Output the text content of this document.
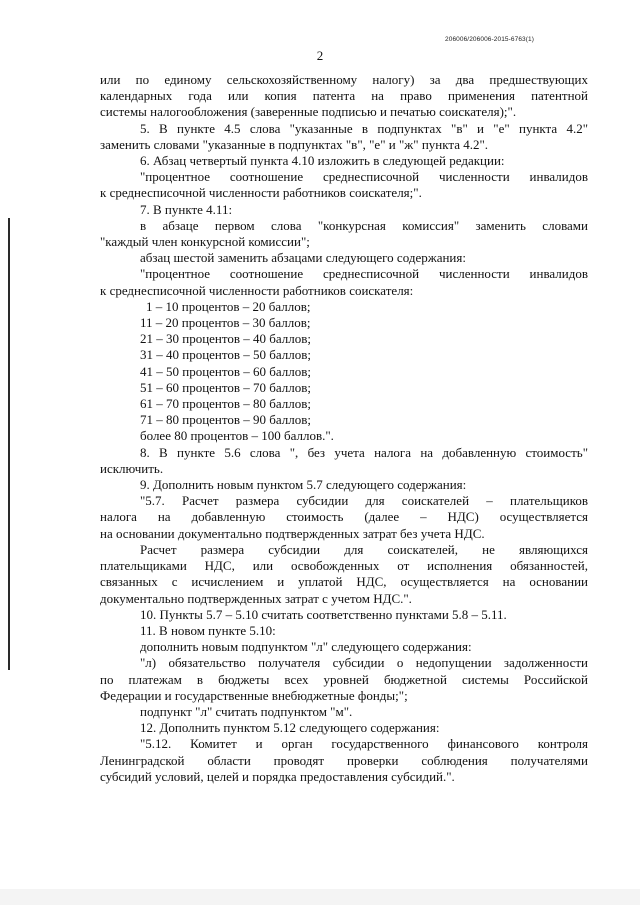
206006/206006-2015-6763(1)
2
или по единому сельскохозяйственному налогу) за два предшествующих
календарных года или копия патента на право применения патентной
системы налогообложения (заверенные подписью и печатью соискателя);".
5. В пункте 4.5 слова "указанные в подпунктах "в" и "е" пункта 4.2"
заменить словами "указанные в подпунктах "в", "е" и "ж" пункта 4.2".
6. Абзац четвертый пункта 4.10 изложить в следующей редакции:
"процентное соотношение среднесписочной численности инвалидов
к среднесписочной численности работников соискателя;".
7. В пункте 4.11:
в абзаце первом слова "конкурсная комиссия" заменить словами
"каждый член конкурсной комиссии";
абзац шестой заменить абзацами следующего содержания:
"процентное соотношение среднесписочной численности инвалидов
к среднесписочной численности работников соискателя:
1 – 10 процентов – 20 баллов;
11 – 20 процентов – 30 баллов;
21 – 30 процентов – 40 баллов;
31 – 40 процентов – 50 баллов;
41 – 50 процентов – 60 баллов;
51 – 60 процентов – 70 баллов;
61 – 70 процентов – 80 баллов;
71 – 80 процентов – 90 баллов;
более 80 процентов – 100 баллов.".
8. В пункте 5.6 слова ", без учета налога на добавленную стоимость"
исключить.
9. Дополнить новым пунктом 5.7 следующего содержания:
"5.7. Расчет размера субсидии для соискателей – плательщиков
налога на добавленную стоимость (далее – НДС) осуществляется
на основании документально подтвержденных затрат без учета НДС.
Расчет размера субсидии для соискателей, не являющихся
плательщиками НДС, или освобожденных от исполнения обязанностей,
связанных с исчислением и уплатой НДС, осуществляется на основании
документально подтвержденных затрат с учетом НДС.".
10. Пункты 5.7 – 5.10 считать соответственно пунктами 5.8 – 5.11.
11. В новом пункте 5.10:
дополнить новым подпунктом "л" следующего содержания:
"л) обязательство получателя субсидии о недопущении задолженности
по платежам в бюджеты всех уровней бюджетной системы Российской
Федерации и государственные внебюджетные фонды;";
подпункт "л" считать подпунктом "м".
12. Дополнить пунктом 5.12 следующего содержания:
"5.12. Комитет и орган государственного финансового контроля
Ленинградской области проводят проверки соблюдения получателями
субсидий условий, целей и порядка предоставления субсидий.".
